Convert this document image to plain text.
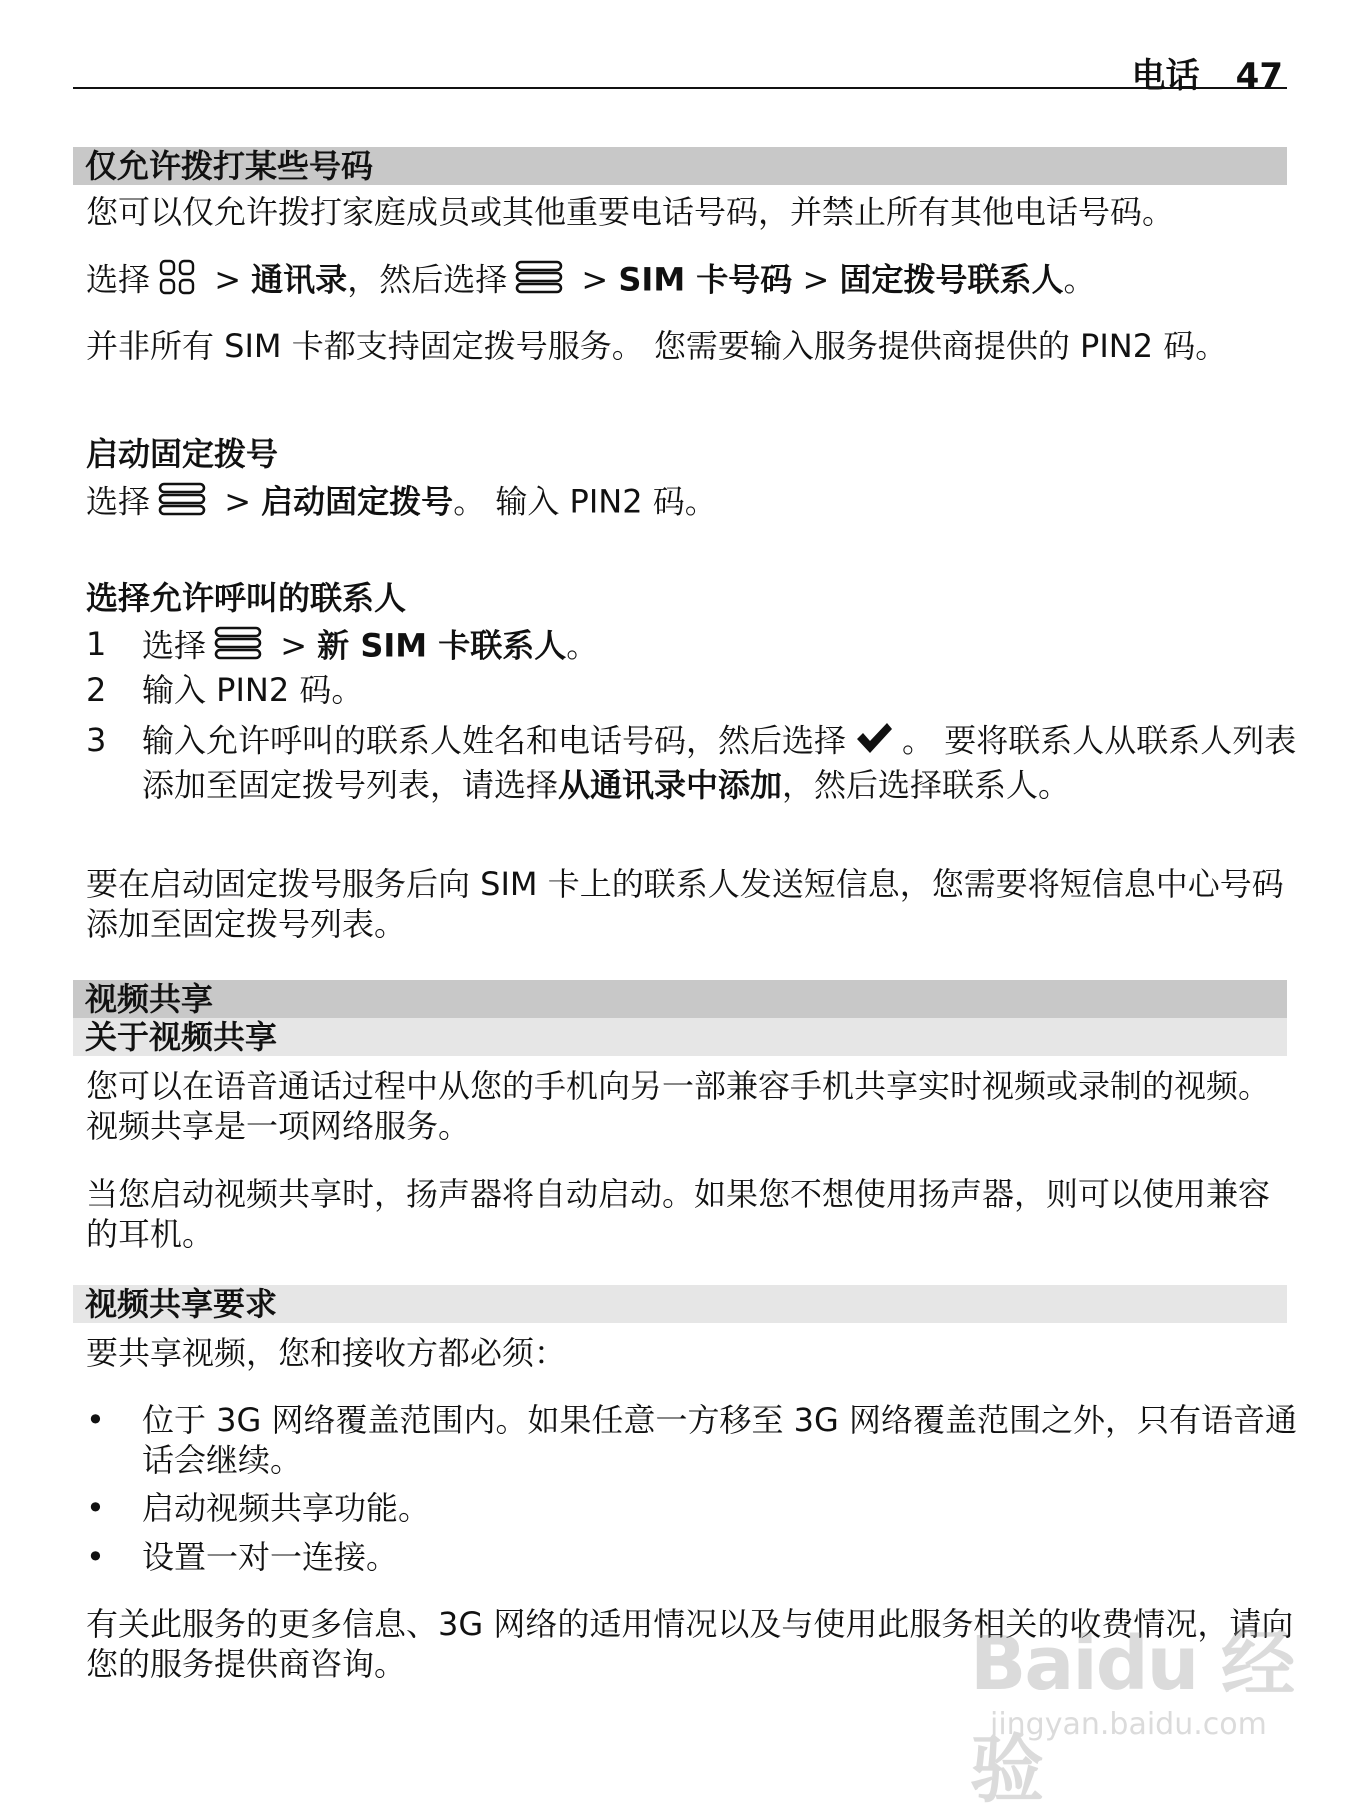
电话 47
仅允许拨打某些号码
您可以仅允许拨打家庭成员或其他重要电话号码，并禁止所有其他电话号码。
选择 > 通讯录，然后选择 > SIM 卡号码 > 固定拨号联系人。
并非所有 SIM 卡都支持固定拨号服务。 您需要输入服务提供商提供的 PIN2 码。
启动固定拨号
选择 > 启动固定拨号。 输入 PIN2 码。
选择允许呼叫的联系人
1 选择 > 新 SIM 卡联系人。
2 输入 PIN2 码。
3 输入允许呼叫的联系人姓名和电话号码，然后选择 。 要将联系人从联系人列表添加至固定拨号列表，请选择从通讯录中添加，然后选择联系人。
要在启动固定拨号服务后向 SIM 卡上的联系人发送短信息，您需要将短信息中心号码添加至固定拨号列表。
视频共享
关于视频共享
您可以在语音通话过程中从您的手机向另一部兼容手机共享实时视频或录制的视频。 视频共享是一项网络服务。
当您启动视频共享时，扬声器将自动启动。如果您不想使用扬声器，则可以使用兼容的耳机。
视频共享要求
要共享视频，您和接收方都必须：
• 位于 3G 网络覆盖范围内。如果任意一方移至 3G 网络覆盖范围之外，只有语音通话会继续。
• 启动视频共享功能。
• 设置一对一连接。
有关此服务的更多信息、3G 网络的适用情况以及与使用此服务相关的收费情况，请向您的服务提供商咨询。	Baidu 经验
jingyan.baidu.com
